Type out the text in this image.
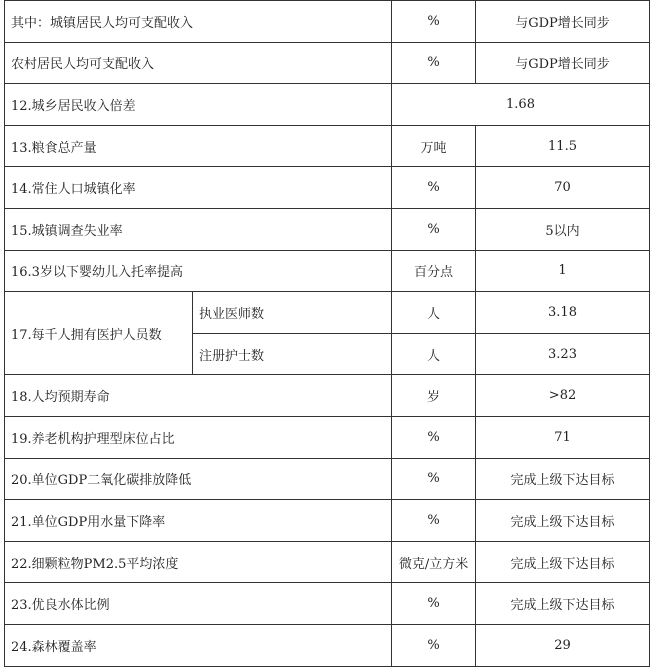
其中：城镇居民人均可支配收入		%	与GDP增长同步
农村居民人均可支配收入		%	与GDP增长同步
12.城乡居民收入倍差		1.68	
13.粮食总产量		万吨	11.5
14.常住人口城镇化率		%	70
15.城镇调查失业率		%	5以内
16.3岁以下婴幼儿入托率提高		百分点	1
17.每千人拥有医护人员数	执业医师数	人	3.18
	注册护士数	人	3.23
18.人均预期寿命		岁	>82
19.养老机构护理型床位占比		%	71
20.单位GDP二氧化碳排放降低		%	完成上级下达目标
21.单位GDP用水量下降率		%	完成上级下达目标
22.细颗粒物PM2.5平均浓度		微克/立方米	完成上级下达目标
23.优良水体比例		%	完成上级下达目标
24.森林覆盖率		%	29
